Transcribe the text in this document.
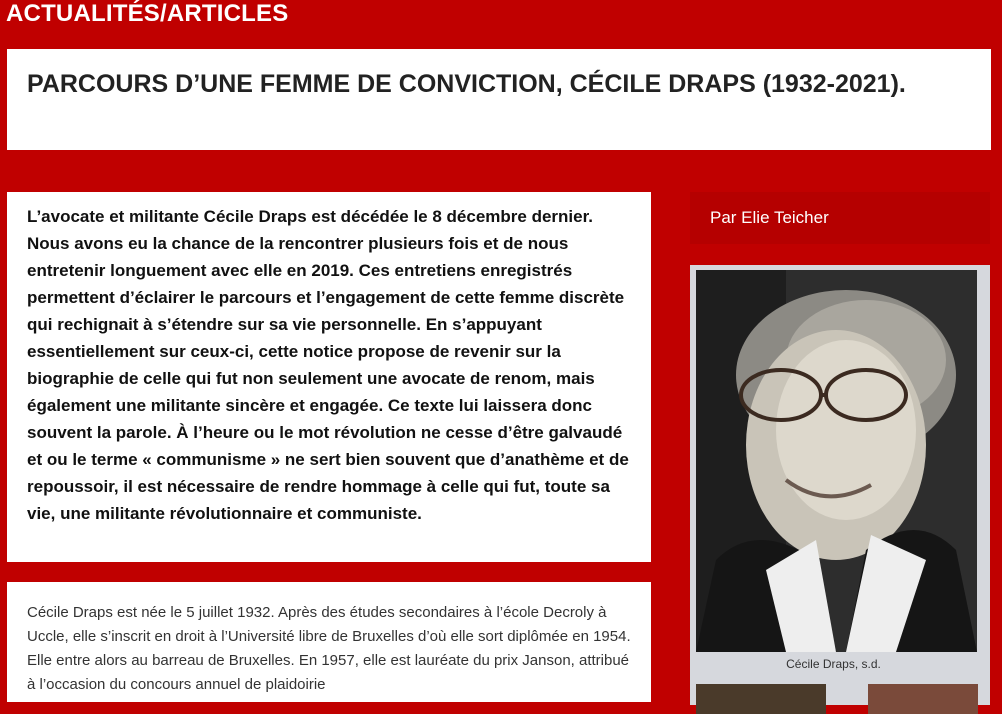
ACTUALITÉS/ARTICLES
PARCOURS D’UNE FEMME DE CONVICTION, CÉCILE DRAPS (1932-2021).

L’avocate et militante Cécile Draps est décédée le 8 décembre dernier. Nous avons eu la chance de la rencontrer plusieurs fois et de nous entretenir longuement avec elle en 2019. Ces entretiens enregistrés permettent d’éclairer le parcours et l’engagement de cette femme discrète qui rechignait à s’étendre sur sa vie personnelle. En s’appuyant essentiellement sur ceux-ci, cette notice propose de revenir sur la biographie de celle qui fut non seulement une avocate de renom, mais également une militante sincère et engagée. Ce texte lui laissera donc souvent la parole. À l’heure ou le mot révolution ne cesse d’être galvaudé et ou le terme « communisme » ne sert bien souvent que d’anathème et de repoussoir, il est nécessaire de rendre hommage à celle qui fut, toute sa vie, une militante révolutionnaire et communiste.

Cécile Draps est née le 5 juillet 1932. Après des études secondaires à l’école Decroly à Uccle, elle s’inscrit en droit à l’Université libre de Bruxelles d’où elle sort diplômée en 1954. Elle entre alors au barreau de Bruxelles. En 1957, elle est lauréate du prix Janson, attribué à l’occasion du concours annuel de plaidoirie

Par Elie Teicher
Cécile Draps, s.d.
